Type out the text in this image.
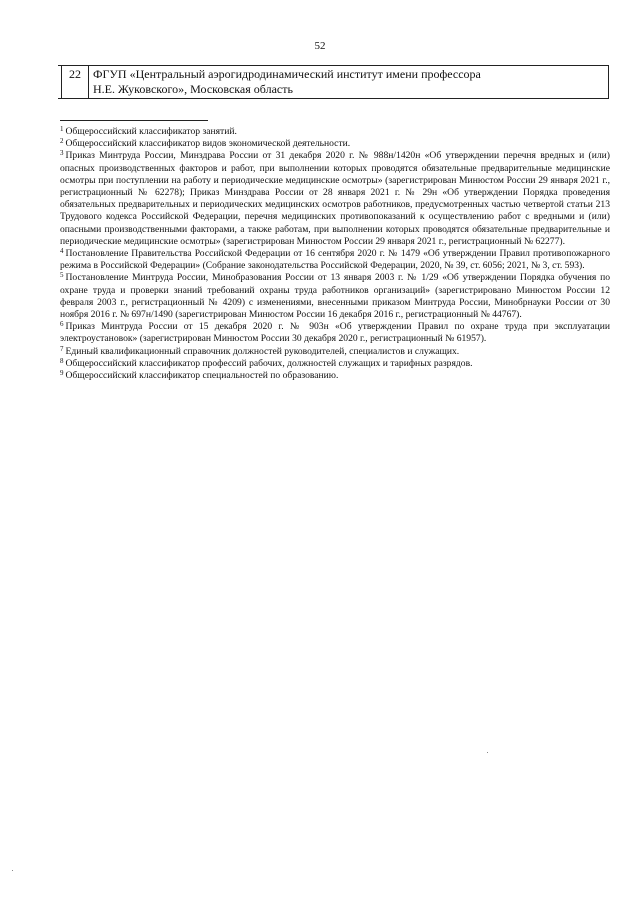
52
	22	ФГУП «Центральный аэрогидродинамический институт имени профессора
Н.Е. Жуковского», Московская область

$^1$ Общероссийский классификатор занятий.

$^2$ Общероссийский классификатор видов экономической деятельности.

$^3$ Приказ Минтруда России, Минздрава России от 31 декабря 2020 г. № 988н/1420н «Об утверждении перечня вредных и (или) опасных производственных факторов и работ, при выполнении которых проводятся обязательные предварительные медицинские осмотры при поступлении на работу и периодические медицинские осмотры» (зарегистрирован Минюстом России 29 января 2021 г., регистрационный № 62278); Приказ Минздрава России от 28 января 2021 г. № 29н «Об утверждении Порядка проведения обязательных предварительных и периодических медицинских осмотров работников, предусмотренных частью четвертой статьи 213 Трудового кодекса Российской Федерации, перечня медицинских противопоказаний к осуществлению работ с вредными и (или) опасными производственными факторами, а также работам, при выполнении которых проводятся обязательные предварительные и периодические медицинские осмотры» (зарегистрирован Минюстом России 29 января 2021 г., регистрационный № 62277).

$^4$ Постановление Правительства Российской Федерации от 16 сентября 2020 г. № 1479 «Об утверждении Правил противопожарного режима в Российской Федерации» (Собрание законодательства Российской Федерации, 2020, № 39, ст. 6056; 2021, № 3, ст. 593).

$^5$ Постановление Минтруда России, Минобразования России от 13 января 2003 г. № 1/29 «Об утверждении Порядка обучения по охране труда и проверки знаний требований охраны труда работников организаций» (зарегистрировано Минюстом России 12 февраля 2003 г., регистрационный № 4209) с изменениями, внесенными приказом Минтруда России, Минобрнауки России от 30 ноября 2016 г. № 697н/1490 (зарегистрирован Минюстом России 16 декабря 2016 г., регистрационный № 44767).

$^6$ Приказ Минтруда России от 15 декабря 2020 г. № 903н «Об утверждении Правил по охране труда при эксплуатации электроустановок» (зарегистрирован Минюстом России 30 декабря 2020 г., регистрационный № 61957).

$^7$ Единый квалификационный справочник должностей руководителей, специалистов и служащих.

$^8$ Общероссийский классификатор профессий рабочих, должностей служащих и тарифных разрядов.

$^9$ Общероссийский классификатор специальностей по образованию.
